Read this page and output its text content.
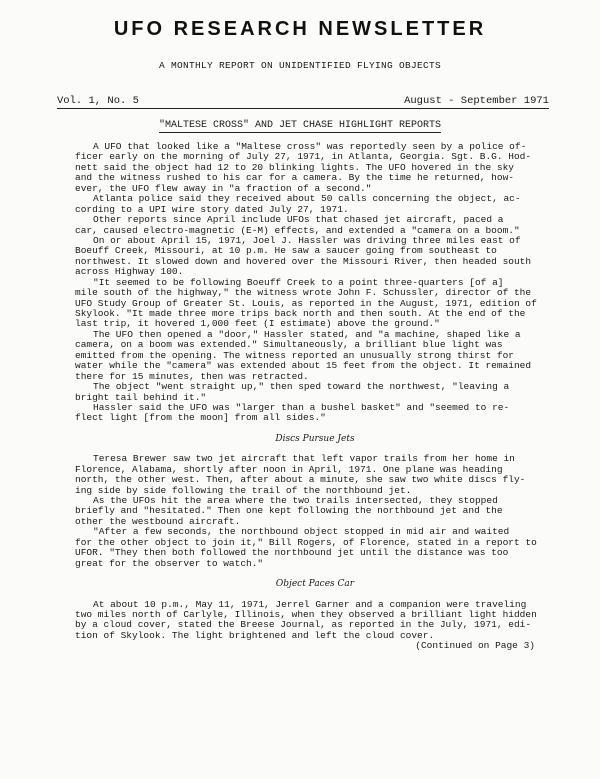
UFO RESEARCH NEWSLETTER
A MONTHLY REPORT ON UNIDENTIFIED FLYING OBJECTS
Vol. 1, No. 5	August - September 1971
"MALTESE CROSS" AND JET CHASE HIGHLIGHT REPORTS
A UFO that looked like a "Maltese cross" was reportedly seen by a police of-
ficer early on the morning of July 27, 1971, in Atlanta, Georgia. Sgt. B.G. Hod-
nett said the object had 12 to 20 blinking lights. The UFO hovered in the sky
and the witness rushed to his car for a camera. By the time he returned, how-
ever, the UFO flew away in "a fraction of a second."
Atlanta police said they received about 50 calls concerning the object, ac-
cording to a UPI wire story dated July 27, 1971.
Other reports since April include UFOs that chased jet aircraft, paced a
car, caused electro-magnetic (E-M) effects, and extended a "camera on a boom."
On or about April 15, 1971, Joel J. Hassler was driving three miles east of
Boeuff Creek, Missouri, at 10 p.m. He saw a saucer going from southeast to
northwest. It slowed down and hovered over the Missouri River, then headed south
across Highway 100.
"It seemed to be following Boeuff Creek to a point three-quarters [of a]
mile south of the highway," the witness wrote John F. Schussler, director of the
UFO Study Group of Greater St. Louis, as reported in the August, 1971, edition of
Skylook. "It made three more trips back north and then south. At the end of the
last trip, it hovered 1,000 feet (I estimate) above the ground."
The UFO then opened a "door," Hassler stated, and "a machine, shaped like a
camera, on a boom was extended." Simultaneously, a brilliant blue light was
emitted from the opening. The witness reported an unusually strong thirst for
water while the "camera" was extended about 15 feet from the object. It remained
there for 15 minutes, then was retracted.
The object "went straight up," then sped toward the northwest, "leaving a
bright tail behind it."
Hassler said the UFO was "larger than a bushel basket" and "seemed to re-
flect light [from the moon] from all sides."
Discs Pursue Jets
Teresa Brewer saw two jet aircraft that left vapor trails from her home in
Florence, Alabama, shortly after noon in April, 1971. One plane was heading
north, the other west. Then, after about a minute, she saw two white discs fly-
ing side by side following the trail of the northbound jet.
As the UFOs hit the area where the two trails intersected, they stopped
briefly and "hesitated." Then one kept following the northbound jet and the
other the westbound aircraft.
"After a few seconds, the northbound object stopped in mid air and waited
for the other object to join it," Bill Rogers, of Florence, stated in a report to
UFOR. "They then both followed the northbound jet until the distance was too
great for the observer to watch."
Object Paces Car
At about 10 p.m., May 11, 1971, Jerrel Garner and a companion were traveling
two miles north of Carlyle, Illinois, when they observed a brilliant light hidden
by a cloud cover, stated the Breese Journal, as reported in the July, 1971, edi-
tion of Skylook. The light brightened and left the cloud cover.
(Continued on Page 3)
